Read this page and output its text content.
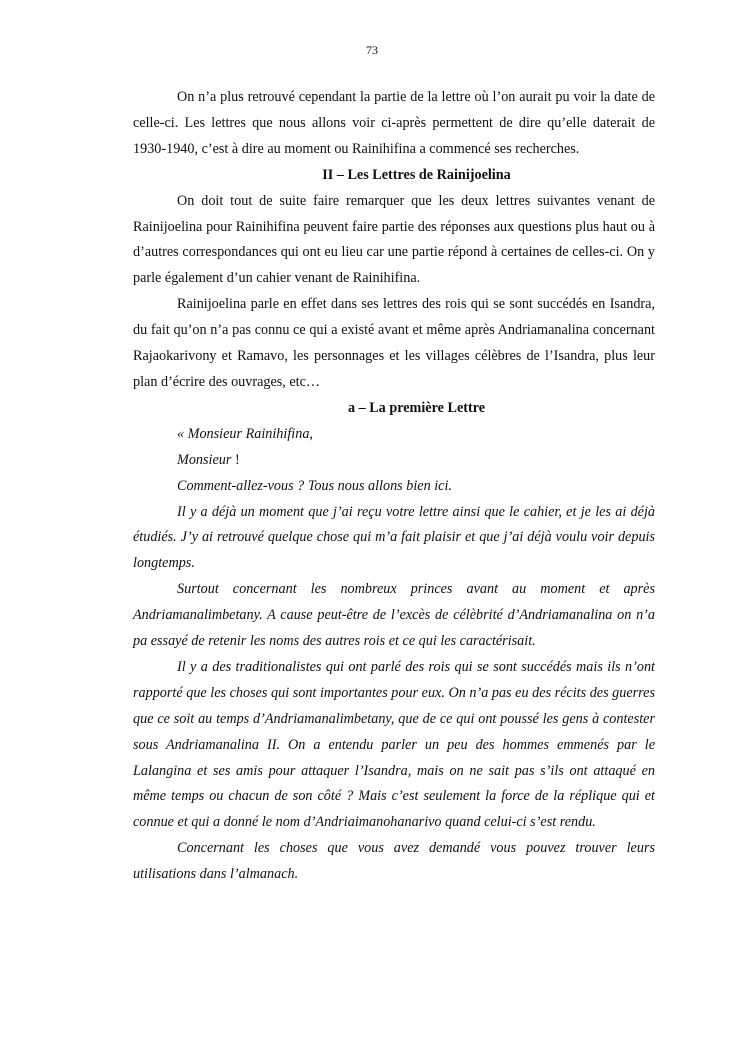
73

On n’a plus retrouvé cependant la partie de la lettre où l’on aurait pu voir la date de celle-ci. Les lettres que nous allons voir ci-après permettent de dire qu’elle daterait de 1930-1940, c’est à dire au moment ou Rainihifina a commencé ses recherches.

II – Les Lettres de Rainijoelina

On doit tout de suite faire remarquer que les deux lettres suivantes venant de Rainijoelina pour Rainihifina peuvent faire partie des réponses aux questions plus haut ou à d’autres correspondances qui ont eu lieu car une partie répond à certaines de celles-ci. On y parle également d’un cahier venant de Rainihifina.

Rainijoelina parle en effet dans ses lettres des rois qui se sont succédés en Isandra, du fait qu’on n’a pas connu ce qui a existé avant et même après Andriamanalina concernant Rajaokarivony et Ramavo, les personnages et les villages célèbres de l’Isandra, plus leur plan d’écrire des ouvrages, etc…

a – La première Lettre

« Monsieur Rainihifina,

Monsieur !

Comment-allez-vous ? Tous nous allons bien ici.

Il y a déjà un moment que j’ai reçu votre lettre ainsi que le cahier, et je les ai déjà étudiés. J’y ai retrouvé quelque chose qui m’a fait plaisir et que j’ai déjà voulu voir depuis longtemps.

Surtout concernant les nombreux princes avant au moment et après Andriamanalimbetany. A cause peut-être de l’excès de célèbrité d’Andriamanalina on n’a pa essayé de retenir les noms des autres rois et ce qui les caractérisait.

Il y a des traditionalistes qui ont parlé des rois qui se sont succédés mais ils n’ont rapporté que les choses qui sont importantes pour eux. On n’a pas eu des récits des guerres que ce soit au temps d’Andriamanalimbetany, que de ce qui ont poussé les gens à contester sous Andriamanalina II. On a entendu parler un peu des hommes emmenés par le Lalangina et ses amis pour attaquer l’Isandra, mais on ne sait pas s’ils ont attaqué en même temps ou chacun de son côté ? Mais c’est seulement la force de la réplique qui et connue et qui a donné le nom d’Andriaimanohanarivo quand celui-ci s’est rendu.

Concernant les choses que vous avez demandé vous pouvez trouver leurs utilisations dans l’almanach.
